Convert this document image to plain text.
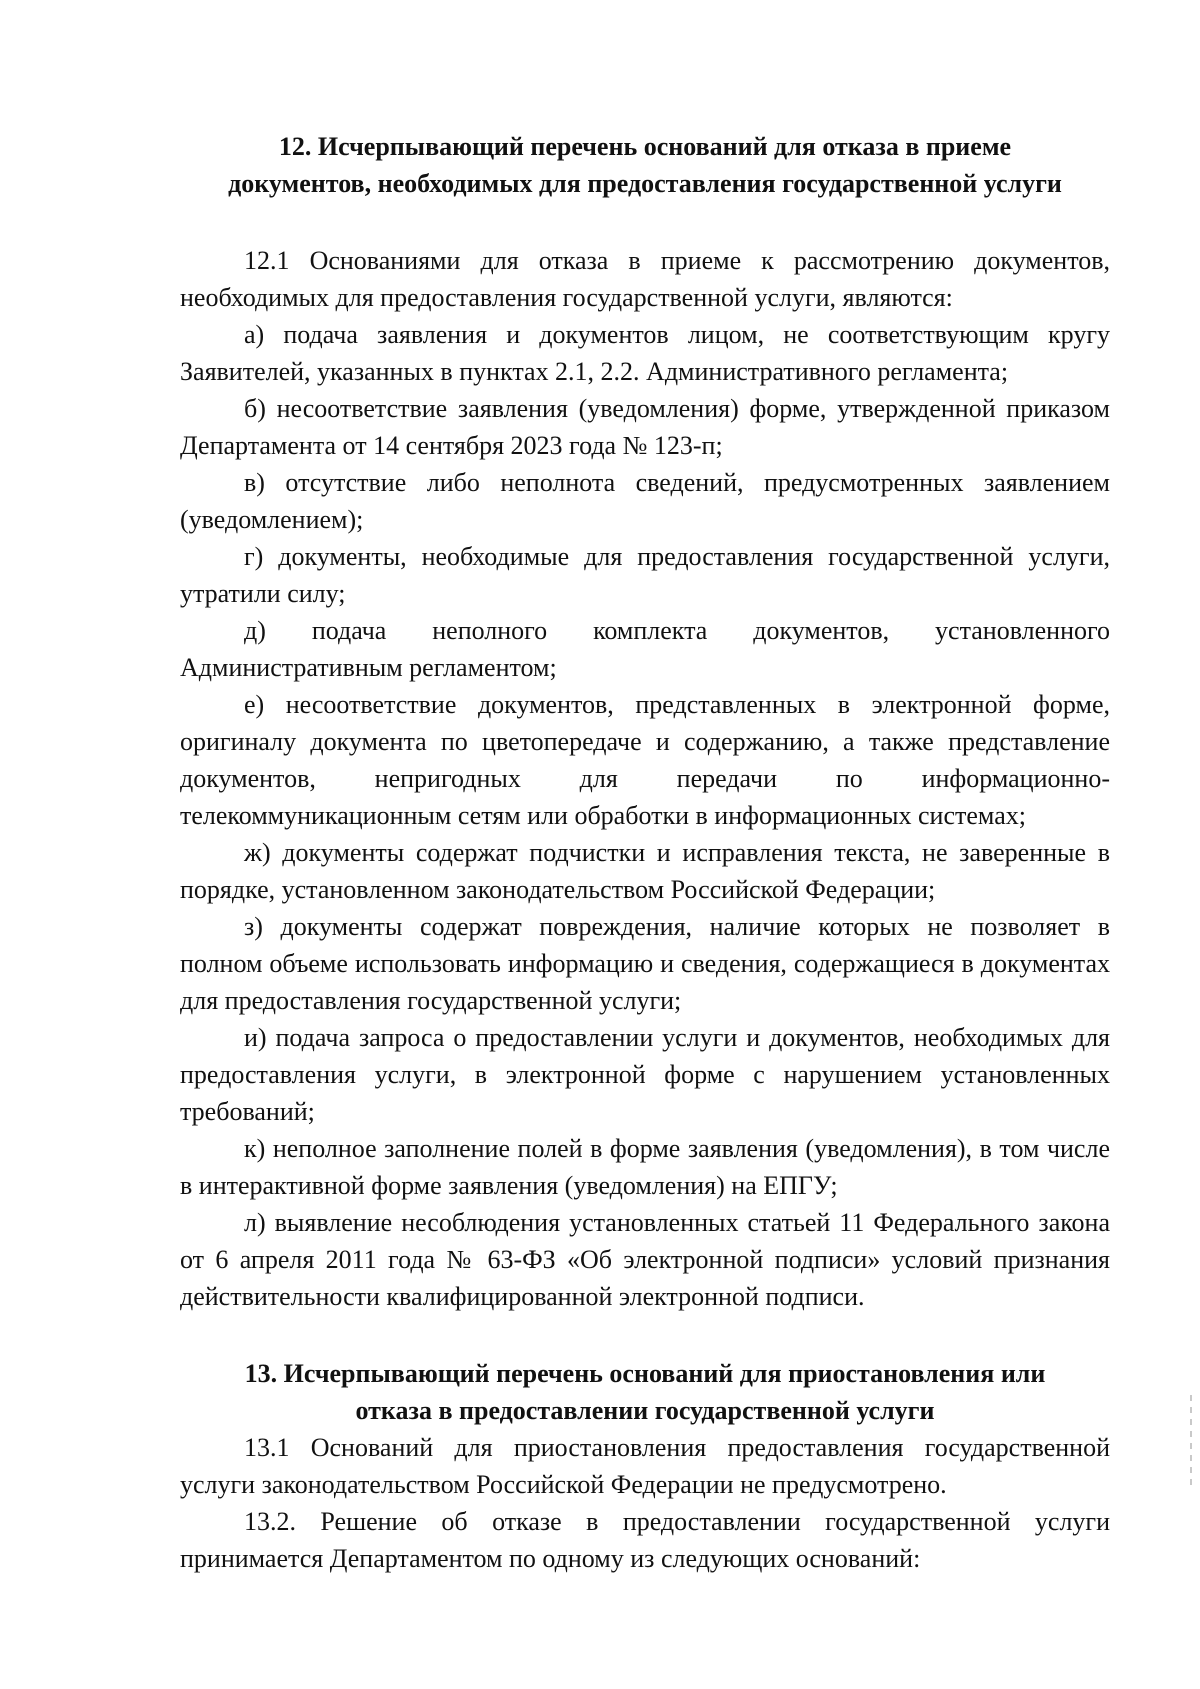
12. Исчерпывающий перечень оснований для отказа в приеме
документов, необходимых для предоставления государственной услуги

12.1 Основаниями для отказа в приеме к рассмотрению документов, необходимых для предоставления государственной услуги, являются:

а) подача заявления и документов лицом, не соответствующим кругу Заявителей, указанных в пунктах 2.1, 2.2. Административного регламента;

б) несоответствие заявления (уведомления) форме, утвержденной приказом Департамента от 14 сентября 2023 года № 123-п;

в) отсутствие либо неполнота сведений, предусмотренных заявлением (уведомлением);

г) документы, необходимые для предоставления государственной услуги, утратили силу;

д) подача неполного комплекта документов, установленного Административным регламентом;

е) несоответствие документов, представленных в электронной форме, оригиналу документа по цветопередаче и содержанию, а также представление документов, непригодных для передачи по информационно-телекоммуникационным сетям или обработки в информационных системах;

ж) документы содержат подчистки и исправления текста, не заверенные в порядке, установленном законодательством Российской Федерации;

з) документы содержат повреждения, наличие которых не позволяет в полном объеме использовать информацию и сведения, содержащиеся в документах для предоставления государственной услуги;

и) подача запроса о предоставлении услуги и документов, необходимых для предоставления услуги, в электронной форме с нарушением установленных требований;

к) неполное заполнение полей в форме заявления (уведомления), в том числе в интерактивной форме заявления (уведомления) на ЕПГУ;

л) выявление несоблюдения установленных статьей 11 Федерального закона от 6 апреля 2011 года № 63-ФЗ «Об электронной подписи» условий признания действительности квалифицированной электронной подписи.

13. Исчерпывающий перечень оснований для приостановления или
отказа в предоставлении государственной услуги

13.1 Оснований для приостановления предоставления государственной услуги законодательством Российской Федерации не предусмотрено.

13.2. Решение об отказе в предоставлении государственной услуги принимается Департаментом по одному из следующих оснований:
